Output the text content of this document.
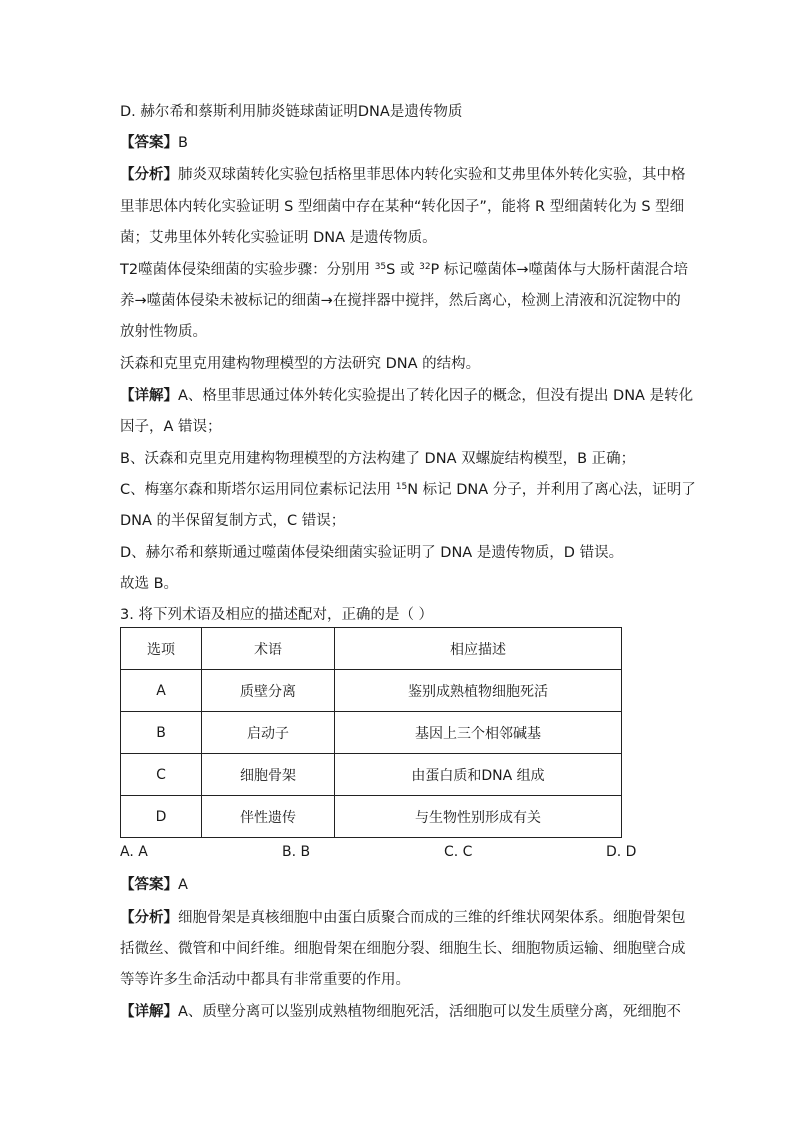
D. 赫尔希和蔡斯利用肺炎链球菌证明DNA是遗传物质
【答案】B
【分析】肺炎双球菌转化实验包括格里菲思体内转化实验和艾弗里体外转化实验，其中格
里菲思体内转化实验证明 S 型细菌中存在某种“转化因子”，能将 R 型细菌转化为 S 型细
菌；艾弗里体外转化实验证明 DNA 是遗传物质。
T2噬菌体侵染细菌的实验步骤：分别用 $^{35}$S 或 $^{32}$P 标记噬菌体→噬菌体与大肠杆菌混合培
养→噬菌体侵染未被标记的细菌→在搅拌器中搅拌，然后离心，检测上清液和沉淀物中的
放射性物质。
沃森和克里克用建构物理模型的方法研究 DNA 的结构。
【详解】A、格里菲思通过体外转化实验提出了转化因子的概念，但没有提出 DNA 是转化
因子，A 错误；
B、沃森和克里克用建构物理模型的方法构建了 DNA 双螺旋结构模型，B 正确；
C、梅塞尔森和斯塔尔运用同位素标记法用 $^{15}$N 标记 DNA 分子，并利用了离心法，证明了
DNA 的半保留复制方式，C 错误；
D、赫尔希和蔡斯通过噬菌体侵染细菌实验证明了 DNA 是遗传物质，D 错误。
故选 B。
3. 将下列术语及相应的描述配对，正确的是（ ）
选项	术语	相应描述
A	质壁分离	鉴别成熟植物细胞死活
B	启动子	基因上三个相邻碱基
C	细胞骨架	由蛋白质和DNA 组成
D	伴性遗传	与生物性别形成有关
A. A	B. B	C. C	D. D
【答案】A
【分析】细胞骨架是真核细胞中由蛋白质聚合而成的三维的纤维状网架体系。细胞骨架包
括微丝、微管和中间纤维。细胞骨架在细胞分裂、细胞生长、细胞物质运输、细胞壁合成
等等许多生命活动中都具有非常重要的作用。
【详解】A、质壁分离可以鉴别成熟植物细胞死活，活细胞可以发生质壁分离，死细胞不
